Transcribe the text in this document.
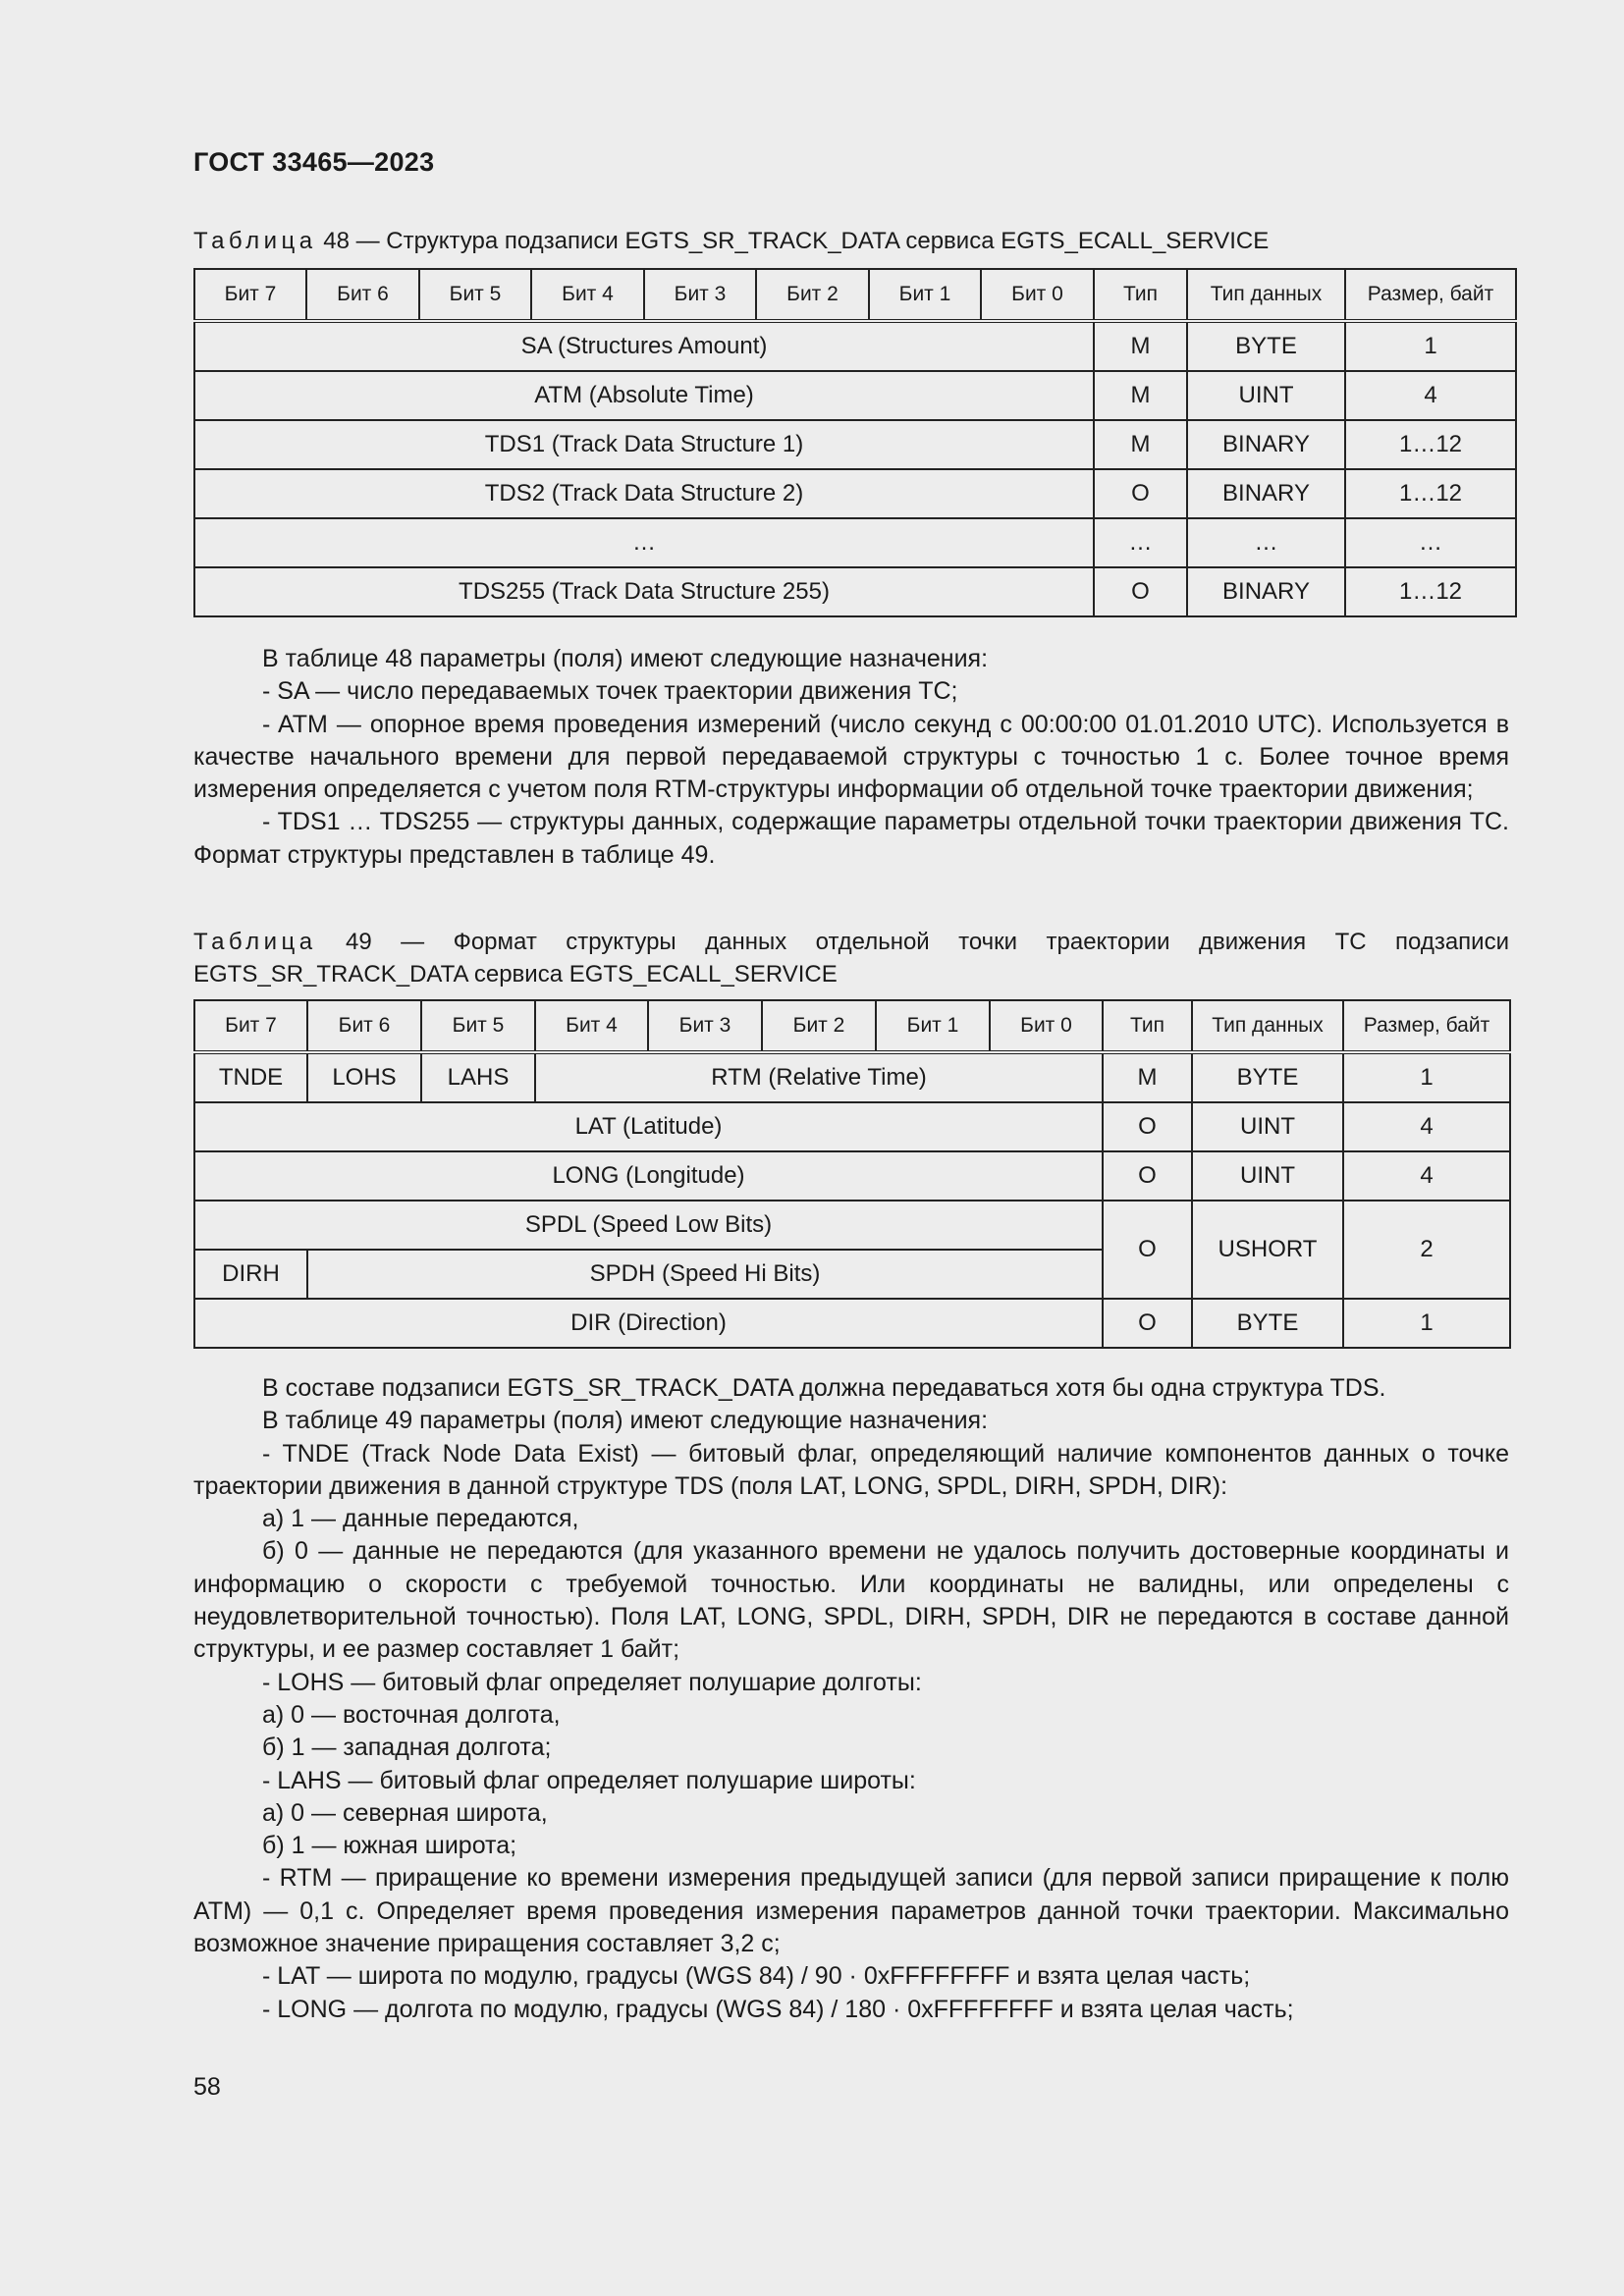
ГОСТ 33465—2023
Таблица 48 — Структура подзаписи EGTS_SR_TRACK_DATA сервиса EGTS_ECALL_SERVICE
Бит 7	Бит 6	Бит 5	Бит 4	Бит 3	Бит 2	Бит 1	Бит 0	Тип	Тип данных	Размер, байт
SA (Structures Amount)								M	BYTE	1
ATM (Absolute Time)								M	UINT	4
TDS1 (Track Data Structure 1)								M	BINARY	1…12
TDS2 (Track Data Structure 2)								O	BINARY	1…12
…								…	…	…
TDS255 (Track Data Structure 255)								O	BINARY	1…12

В таблице 48 параметры (поля) имеют следующие назначения:

- SA — число передаваемых точек траектории движения ТС;

- ATM — опорное время проведения измерений (число секунд с 00:00:00 01.01.2010 UTC). Используется в качестве начального времени для первой передаваемой структуры с точностью 1 с. Более точное время измерения определяется с учетом поля RTM-структуры информации об отдельной точке траектории движения;

- TDS1 … TDS255 — структуры данных, содержащие параметры отдельной точки траектории движения ТС. Формат структуры представлен в таблице 49.

Таблица 49 — Формат структуры данных отдельной точки траектории движения ТС подзаписи EGTS_SR_TRACK_DATA сервиса EGTS_ECALL_SERVICE
Бит 7	Бит 6	Бит 5	Бит 4	Бит 3	Бит 2	Бит 1	Бит 0	Тип	Тип данных	Размер, байт
TNDE	LOHS	LAHS	RTM (Relative Time)					M	BYTE	1
LAT (Latitude)								O	UINT	4
LONG (Longitude)								O	UINT	4
SPDL (Speed Low Bits)								O	USHORT	2
DIRH	SPDH (Speed Hi Bits)									
DIR (Direction)								O	BYTE	1

В составе подзаписи EGTS_SR_TRACK_DATA должна передаваться хотя бы одна структура TDS.

В таблице 49 параметры (поля) имеют следующие назначения:

- TNDE (Track Node Data Exist) — битовый флаг, определяющий наличие компонентов данных о точке траектории движения в данной структуре TDS (поля LAT, LONG, SPDL, DIRH, SPDH, DIR):

а) 1 — данные передаются,

б) 0 — данные не передаются (для указанного времени не удалось получить достоверные координаты и информацию о скорости с требуемой точностью. Или координаты не валидны, или определены с неудовлетворительной точностью). Поля LAT, LONG, SPDL, DIRH, SPDH, DIR не передаются в составе данной структуры, и ее размер составляет 1 байт;

- LOHS — битовый флаг определяет полушарие долготы:

а) 0 — восточная долгота,

б) 1 — западная долгота;

- LAHS — битовый флаг определяет полушарие широты:

а) 0 — северная широта,

б) 1 — южная широта;

- RTM — приращение ко времени измерения предыдущей записи (для первой записи приращение к полю ATM) — 0,1 с. Определяет время проведения измерения параметров данной точки траектории. Максимально возможное значение приращения составляет 3,2 с;

- LAT — широта по модулю, градусы (WGS 84) / 90 · 0xFFFFFFFF и взята целая часть;

- LONG — долгота по модулю, градусы (WGS 84) / 180 · 0xFFFFFFFF и взята целая часть;

58
